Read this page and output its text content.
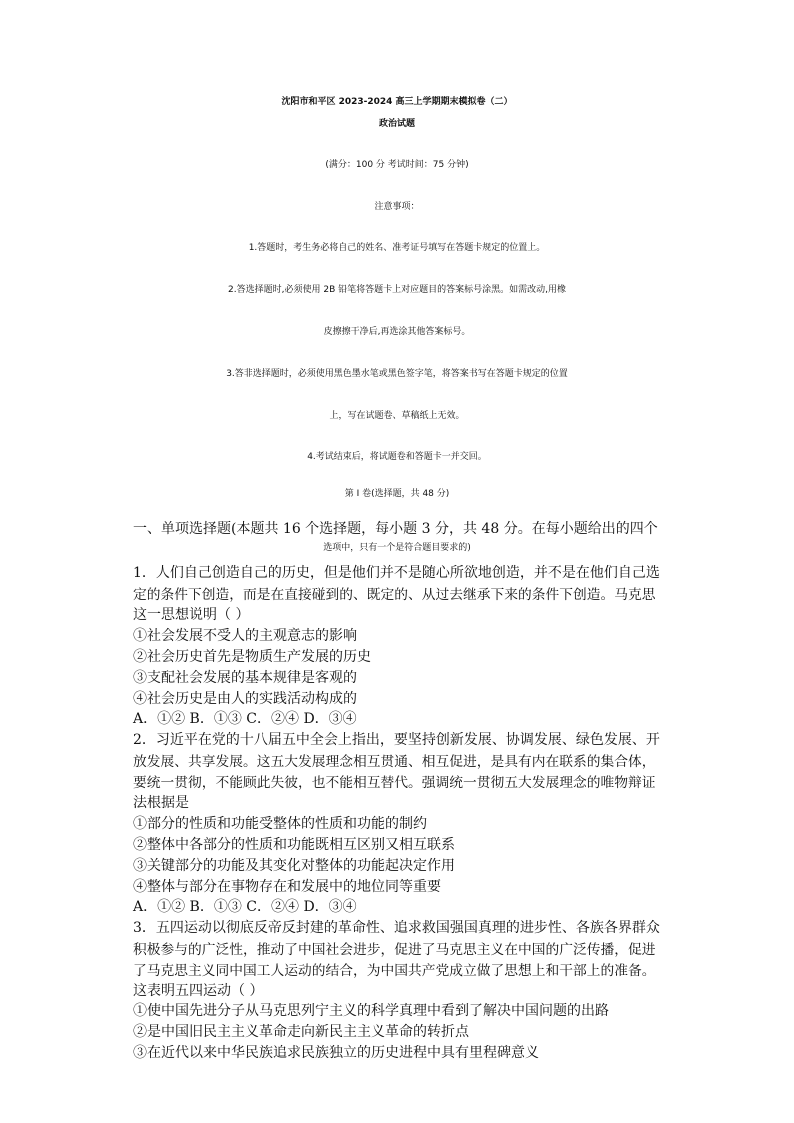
沈阳市和平区 2023-2024 高三上学期期末模拟卷（二）
政治试题
(满分：100 分 考试时间：75 分钟)
注意事项：
1.答题时，考生务必将自己的姓名、准考证号填写在答题卡规定的位置上。
2.答选择题时,必须使用 2B 铅笔将答题卡上对应题目的答案标号涂黑。如需改动,用橡
皮擦擦干净后,再选涂其他答案标号。
3.答非选择题时，必须使用黑色墨水笔或黑色签字笔，将答案书写在答题卡规定的位置
上，写在试题卷、草稿纸上无效。
4.考试结束后，将试题卷和答题卡一并交回。
第 Ⅰ 卷(选择题，共 48 分)
一、单项选择题(本题共 16 个选择题，每小题 3 分，共 48 分。在每小题给出的四个
选项中，只有一个是符合题目要求的)
1．人们自己创造自己的历史，但是他们并不是随心所欲地创造，并不是在他们自己选
定的条件下创造，而是在直接碰到的、既定的、从过去继承下来的条件下创造。马克思
这一思想说明（ ）
①社会发展不受人的主观意志的影响
②社会历史首先是物质生产发展的历史
③支配社会发展的基本规律是客观的
④社会历史是由人的实践活动构成的
A．①② B．①③ C．②④ D．③④
2．习近平在党的十八届五中全会上指出，要坚持创新发展、协调发展、绿色发展、开
放发展、共享发展。这五大发展理念相互贯通、相互促进，是具有内在联系的集合体，
要统一贯彻，不能顾此失彼，也不能相互替代。强调统一贯彻五大发展理念的唯物辩证
法根据是
①部分的性质和功能受整体的性质和功能的制约
②整体中各部分的性质和功能既相互区别又相互联系
③关键部分的功能及其变化对整体的功能起决定作用
④整体与部分在事物存在和发展中的地位同等重要
A．①② B．①③ C．②④ D．③④
3．五四运动以彻底反帝反封建的革命性、追求救国强国真理的进步性、各族各界群众
积极参与的广泛性，推动了中国社会进步，促进了马克思主义在中国的广泛传播，促进
了马克思主义同中国工人运动的结合，为中国共产党成立做了思想上和干部上的准备。
这表明五四运动（ ）
①使中国先进分子从马克思列宁主义的科学真理中看到了解决中国问题的出路
②是中国旧民主主义革命走向新民主主义革命的转折点
③在近代以来中华民族追求民族独立的历史进程中具有里程碑意义
